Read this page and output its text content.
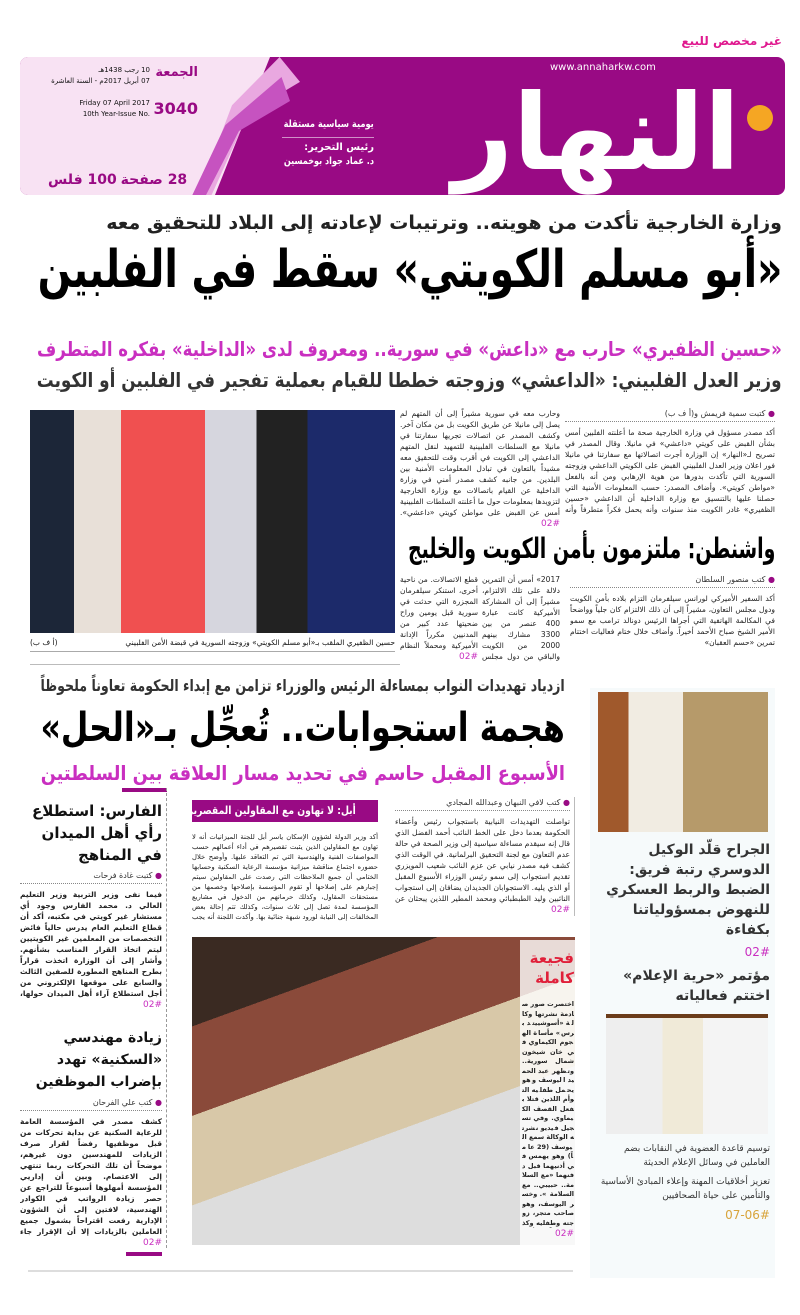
غير مخصص للبيع
النهار
www.annaharkw.com
يومية سياسية مستقلة
رئيس التحرير:
د. عماد جواد بوخمسين
الجمعة
10 رجب 1438هـ
07 أبريل 2017م - السنة العاشرة
3040
Friday 07 April 2017
10th Year-Issue No.
28 صفحة 100 فلس
وزارة الخارجية تأكدت من هويته.. وترتيبات لإعادته إلى البلاد للتحقيق معه
«أبو مسلم الكويتي» سقط في الفلبين
«حسين الظفيري» حارب مع «داعش» في سورية.. ومعروف لدى «الداخلية» بفكره المتطرف
وزير العدل الفلبيني: «الداعشي» وزوجته خططا للقيام بعملية تفجير في الفلبين أو الكويت
● كتبت سمية فريمش و(أ ف ب)
أكد مصدر مسؤول في وزارة الخارجية صحة ما أعلنته الفلبين أمس بشأن القبض على كويتي «داعشي» في مانيلا. وقال المصدر في تصريح لـ«النهار» إن الوزارة أجرت اتصالاتها مع سفارتنا في مانيلا فور اعلان وزير العدل الفلبيني القبض على الكويتي الداعشي وزوجته السورية التي تأكدت بدورها من هوية الإرهابي ومن أنه بالفعل «مواطن كويتي». وأضاف المصدر: حسب المعلومات الأمنية التي حصلنا عليها بالتنسيق مع وزارة الداخلية أن الداعشي «حسين الظفيري» غادر الكويت منذ سنوات وأنه يحمل فكراً متطرفاً وأنه
وحارب معه في سورية مشيراً إلى أن المتهم لم يصل إلى مانيلا عن طريق الكويت بل من مكان آخر. وكشف المصدر عن اتصالات تجريها سفارتنا في مانيلا مع السلطات الفلبينية للتمهيد لنقل المتهم الداعشي إلى الكويت في أقرب وقت للتحقيق معه مشيداً بالتعاون في تبادل المعلومات الأمنية بين البلدين. من جانبه كشف مصدر أمني في وزارة الداخلية عن القيام باتصالات مع وزارة الخارجية لتزويدها بمعلومات حول ما أعلنته السلطات الفلبينية أمس عن القبض على مواطن كويتي «داعشي».
02#
حسين الظفيري الملقب بـ«أبو مسلم الكويتي» وزوجته السورية في قبضة الأمن الفلبيني
(أ ف ب)
واشنطن: ملتزمون بأمن الكويت والخليج
● كتب منصور السلطان
أكد السفير الأميركي لورانس سيلفرمان التزام بلاده بأمن الكويت ودول مجلس التعاون، مشيراً إلى أن ذلك الالتزام كان جلياً وواضحاً في المكالمة الهاتفية التي أجراها الرئيس دونالد ترامب مع سمو الأمير الشيخ صباح الأحمد أخيراً. وأضاف خلال ختام فعاليات اختتام تمرين «حسم العقبان»
2017» أمس أن التمرين دلالة على تلك الالتزام، مشيراً إلى أن المشاركة الأميركية كانت عبارة 400 عنصر من بين 3300 مشارك بينهم 2000 من الكويت والباقي من دول مجلس
قطع الاتصالات. من ناحية أخرى، استنكر سيلفرمان المجزرة التي حدثت في سورية قبل يومين وراح ضحيتها عدد كبير من المدنيين مكرراً الإدانة الأميركية ومحملاً النظام
02#
ازدياد تهديدات النواب بمساءلة الرئيس والوزراء تزامن مع إبداء الحكومة تعاوناً ملحوظاً
هجمة استجوابات.. تُعجِّل بـ«الحل»
الأسبوع المقبل حاسم في تحديد مسار العلاقة بين السلطتين
الجراح قلّد الوكيل الدوسري رتبة فريق: الضبط والربط العسكري للنهوض بمسؤولياتنا بكفاءة
02#
مؤتمر «حرية الإعلام» اختتم فعالياته
توسيم قاعدة العضوية في النقابات بضم العاملين في وسائل الإعلام الحديثة
تعزيز أخلاقيات المهنة وإعلاء المبادئ الأساسية والتأمين على حياة الصحافيين
07-06#
● كتب لافي النبهان وعبدالله المجادي
تواصلت التهديدات النيابية باستجواب رئيس وأعضاء الحكومة بعدما دخل على الخط النائب أحمد الفضل الذي قال إنه سيقدم مساءلة سياسية إلى وزير الصحة في حالة عدم التعاون مع لجنة التحقيق البرلمانية. في الوقت الذي كشف فيه مصدر نيابي عن عزم النائب شعيب المويزري تقديم استجواب إلى سمو رئيس الوزراء الأسبوع المقبل أو الذي يليه. الاستجوابان الجديدان يضافان إلى استجواب النائبين وليد الطبطبائي ومحمد المطير اللذين يبحثان عن
02#
أبل: لا تهاون مع المقاولين المقصرين
أكد وزير الدولة لشؤون الإسكان ياسر أبل للجنة الميزانيات أنه لا تهاون مع المقاولين الذين يثبت تقصيرهم في أداء أعمالهم حسب المواصفات الفنية والهندسية التي تم التعاقد عليها. وأوضح خلال حضوره اجتماع مناقشة ميزانية مؤسسة الرعاية السكنية وحسابها الختامي أن جميع الملاحظات التي رصدت على المقاولين سيتم إجبارهم على إصلاحها أو تقوم المؤسسة بإصلاحها وخصمها من مستحقات المقاول، وكذلك حرمانهم من الدخول في مشاريع المؤسسة لمدة تصل إلى ثلاث سنوات، وكذلك تتم إحالة بعض المخالفات إلى النيابة لورود شبهة جنائية بها. وأكدت اللجنة أنه يجب
فجيعة
كاملة
اختصرت صور صادمة نشرتها وكالة «أسوشييتد برس» مأساة الهجوم الكيماوي في خان شيخون شمال سورية.. وتظهر عبد الحميد اليوسف وهو يحمل طفليه التوأم اللذين قتلا بفعل القصف الكيماوي. وفي تسجيل فيديو نشرته الوكالة سمع اليوسف (29 عاماً) وهو يهمس في أذنيهما قبل دفنهما «مع السلامة.. حبيبي.. مع السلامة». وخسر اليوسف، وهو صاحب متجر، زوجته وطفليه وكذ
02#
الفارس: استطلاع رأي أهل الميدان في المناهج
● كتبت غادة فرحات
فيما نفى وزير التربية وزير التعليم العالي د. محمد الفارس وجود أي مستشار غير كويتي في مكتبه، أكد أن قطاع التعليم العام يدرس حالياً فائض التخصصات من المعلمين غير الكويتيين ليتم اتخاذ القرار المناسب بشأنهم. وأشار إلى أن الوزارة اتخذت قراراً بطرح المناهج المطورة للصفين الثالث والسابع على موقعها الإلكتروني من أجل استطلاع آراء أهل الميدان حولها،
02#
زيادة مهندسي «السكنية» تهدد بإضراب الموظفين
● كتب علي الفرحان
كشف مصدر في المؤسسة العامة للرعاية السكنية عن بداية تحركات من قبل موظفيها رفضاً لقرار صرف الزيادات للمهندسين دون غيرهم، موضحاً أن تلك التحركات ربما تنتهي إلى الاعتصام. وبين أن إداريي المؤسسة أمهلوها أسبوعاً للتراجع عن حصر زيادة الرواتب في الكوادر الهندسية، لافتين إلى أن الشؤون الإدارية رفعت اقتراحاً بشمول جميع العاملين بالزيادات إلا أن الإقرار جاء
02#
